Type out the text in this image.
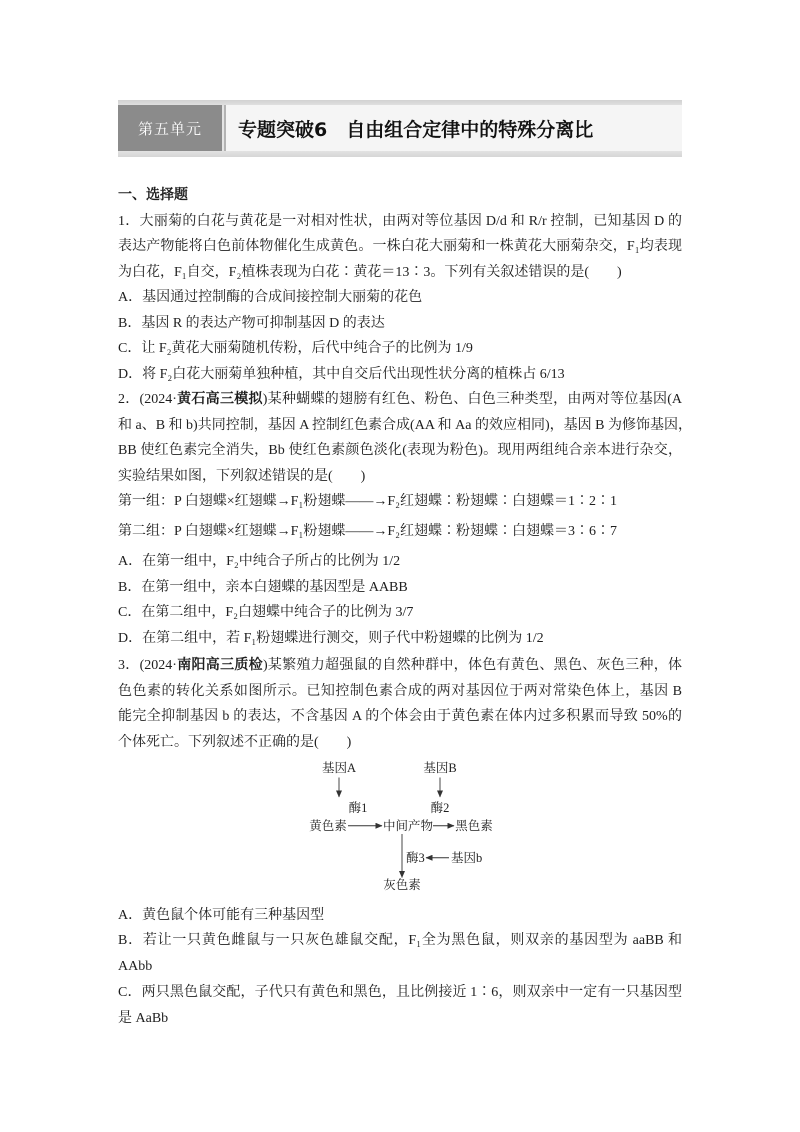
第五单元	专题突破6　自由组合定律中的特殊分离比
一、选择题
1．大丽菊的白花与黄花是一对相对性状，由两对等位基因 D/d 和 R/r 控制，已知基因 D 的
表达产物能将白色前体物催化生成黄色。一株白花大丽菊和一株黄花大丽菊杂交，F₁均表现
为白花，F₁自交，F₂植株表现为白花∶黄花＝13∶3。下列有关叙述错误的是(　　)
A．基因通过控制酶的合成间接控制大丽菊的花色
B．基因 R 的表达产物可抑制基因 D 的表达
C．让 F₂黄花大丽菊随机传粉，后代中纯合子的比例为 1/9
D．将 F₂白花大丽菊单独种植，其中自交后代出现性状分离的植株占 6/13
2．(2024·黄石高三模拟)某种蝴蝶的翅膀有红色、粉色、白色三种类型，由两对等位基因(A
和 a、B 和 b)共同控制，基因 A 控制红色素合成(AA 和 Aa 的效应相同)，基因 B 为修饰基因，
BB 使红色素完全消失，Bb 使红色素颜色淡化(表现为粉色)。现用两组纯合亲本进行杂交，
实验结果如图，下列叙述错误的是(　　)
第一组：P 白翅蝶×红翅蝶→F₁粉翅蝶――→F₂红翅蝶∶粉翅蝶∶白翅蝶＝1∶2∶1
第二组：P 白翅蝶×红翅蝶→F₁粉翅蝶――→F₂红翅蝶∶粉翅蝶∶白翅蝶＝3∶6∶7
A．在第一组中，F₂中纯合子所占的比例为 1/2
B．在第一组中，亲本白翅蝶的基因型是 AABB
C．在第二组中，F₂白翅蝶中纯合子的比例为 3/7
D．在第二组中，若 F₁粉翅蝶进行测交，则子代中粉翅蝶的比例为 1/2
3．(2024·南阳高三质检)某繁殖力超强鼠的自然种群中，体色有黄色、黑色、灰色三种，体
色色素的转化关系如图所示。已知控制色素合成的两对基因位于两对常染色体上，基因 B
能完全抑制基因 b 的表达，不含基因 A 的个体会由于黄色素在体内过多积累而导致 50%的
个体死亡。下列叙述不正确的是(　　)
基因A	基因B
酶1	酶2
黄色素	中间产物 黑色素
酶3 基因b
灰色素
A．黄色鼠个体可能有三种基因型
B．若让一只黄色雌鼠与一只灰色雄鼠交配，F₁全为黑色鼠，则双亲的基因型为 aaBB 和
AAbb
C．两只黑色鼠交配，子代只有黄色和黑色，且比例接近 1∶6，则双亲中一定有一只基因型
是 AaBb
